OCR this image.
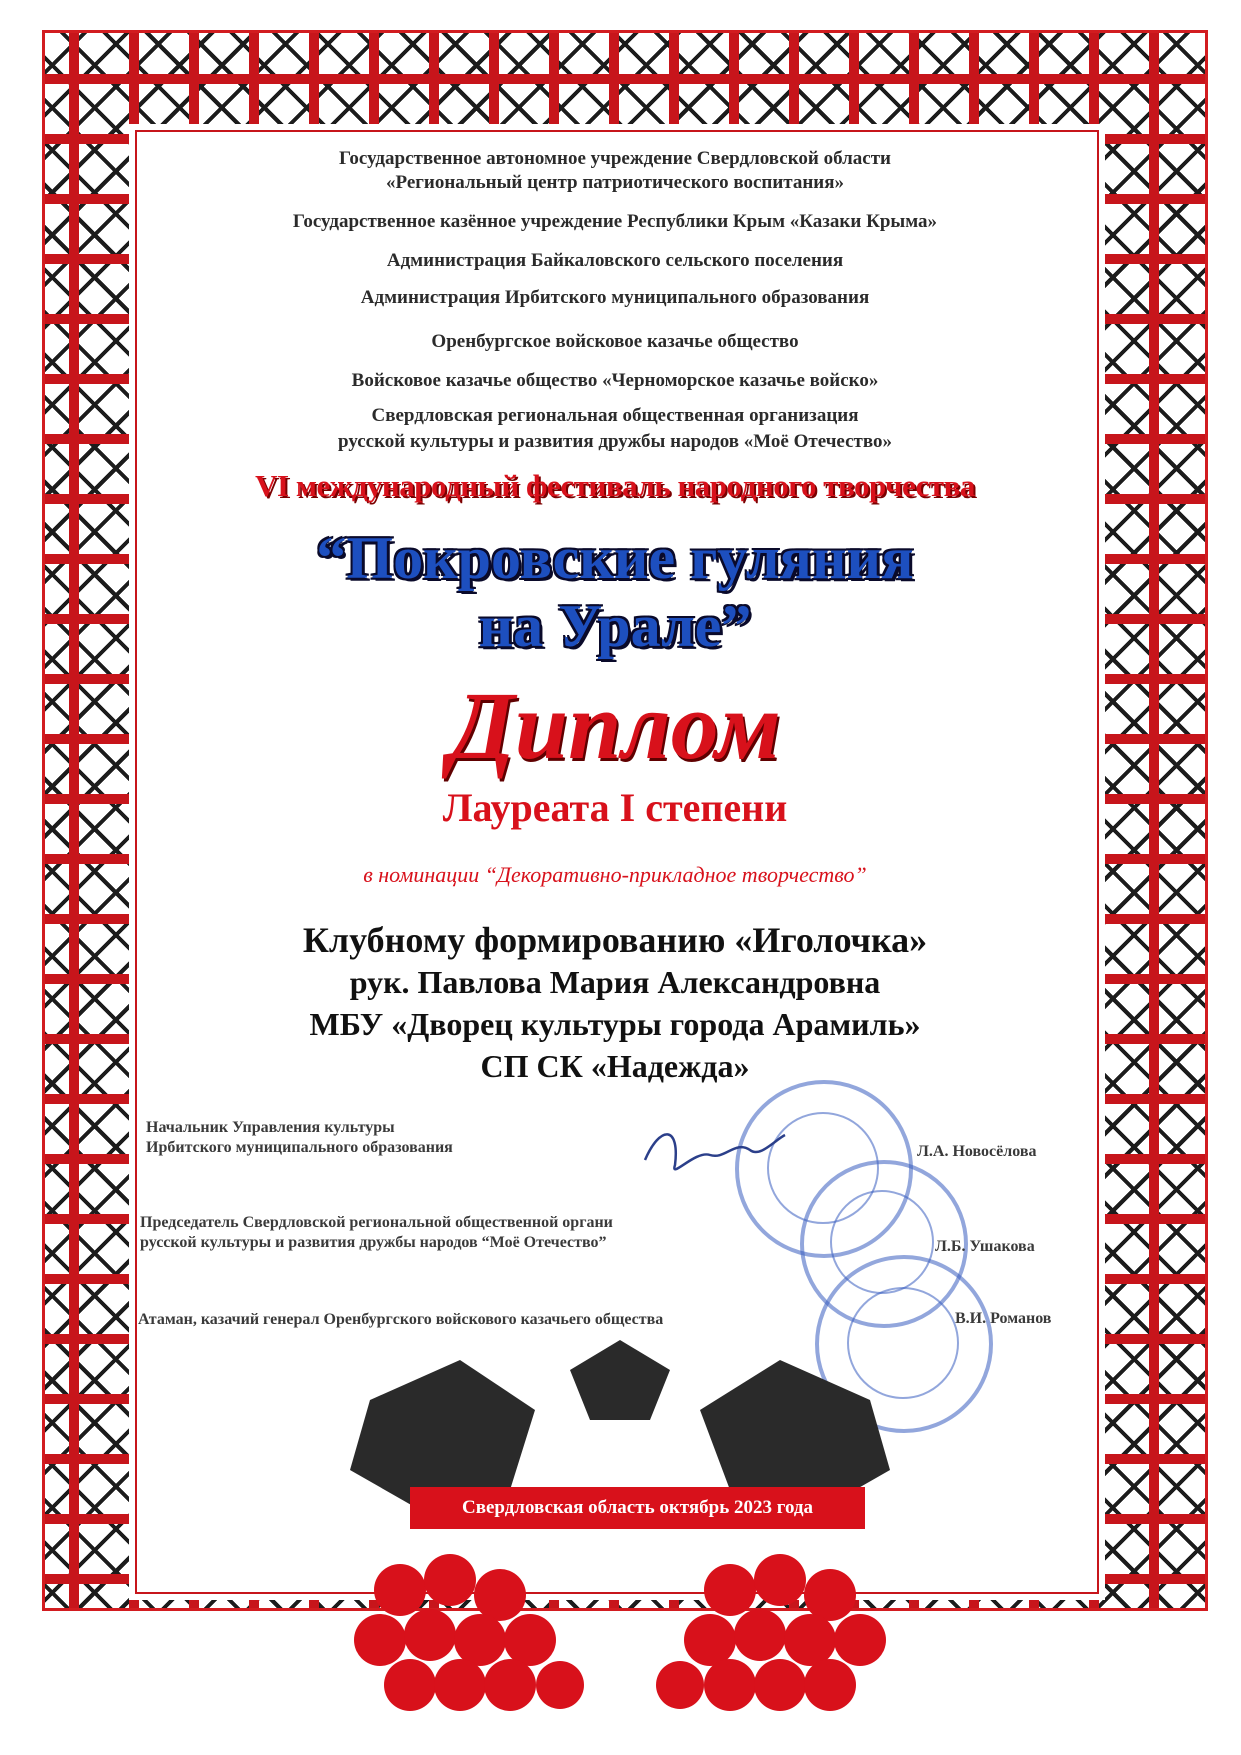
Государственное автономное учреждение Свердловской области
«Региональный центр патриотического воспитания»
Государственное казённое учреждение Республики Крым «Казаки Крыма»
Администрация Байкаловского сельского поселения
Администрация Ирбитского муниципального образования
Оренбургское войсковое казачье общество
Войсковое казачье общество «Черноморское казачье войско»
Свердловская региональная общественная организация
русской культуры и развития дружбы народов «Моё Отечество»
VI международный фестиваль народного творчества
“Покровские гуляния
на Урале”
Диплом
Лауреата I степени
в номинации “Декоративно-прикладное творчество”
Клубному формированию «Иголочка»
рук. Павлова Мария Александровна
МБУ «Дворец культуры города Арамиль»
СП СК «Надежда»
Начальник Управления культуры
Ирбитского муниципального образования	Л.А. Новосёлова
Председатель Свердловской региональной общественной органи
русской культуры и развития дружбы народов “Моё Отечество”	Л.Б. Ушакова
Атаман, казачий генерал Оренбургского войскового казачьего общества	В.И. Романов
Свердловская область октябрь 2023 года
